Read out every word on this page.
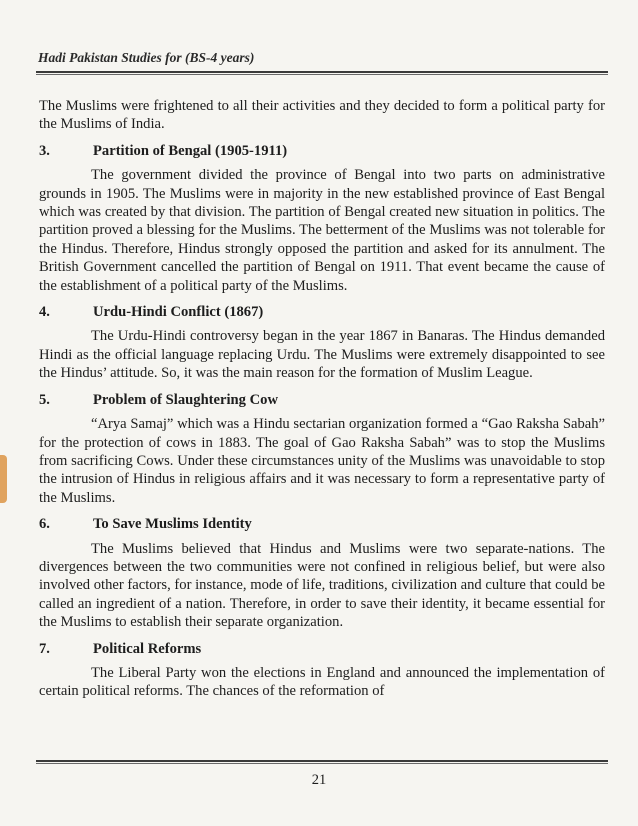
Hadi Pakistan Studies for (BS-4 years)

The Muslims were frightened to all their activities and they decided to form a political party for the Muslims of India.

3.	Partition of Bengal (1905-1911)

The government divided the province of Bengal into two parts on administrative grounds in 1905. The Muslims were in majority in the new established province of East Bengal which was created by that division. The partition of Bengal created new situation in politics. The partition proved a blessing for the Muslims. The betterment of the Muslims was not tolerable for the Hindus. Therefore, Hindus strongly opposed the partition and asked for its annulment. The British Government cancelled the partition of Bengal on 1911. That event became the cause of the establishment of a political party of the Muslims.

4.	Urdu-Hindi Conflict (1867)

The Urdu-Hindi controversy began in the year 1867 in Banaras. The Hindus demanded Hindi as the official language replacing Urdu. The Muslims were extremely disappointed to see the Hindus’ attitude. So, it was the main reason for the formation of Muslim League.

5.	Problem of Slaughtering Cow

“Arya Samaj” which was a Hindu sectarian organization formed a “Gao Raksha Sabah” for the protection of cows in 1883. The goal of Gao Raksha Sabah” was to stop the Muslims from sacrificing Cows. Under these circumstances unity of the Muslims was unavoidable to stop the intrusion of Hindus in religious affairs and it was necessary to form a representative party of the Muslims.

6.	To Save Muslims Identity

The Muslims believed that Hindus and Muslims were two separate-nations. The divergences between the two communities were not confined in religious belief, but were also involved other factors, for instance, mode of life, traditions, civilization and culture that could be called an ingredient of a nation. Therefore, in order to save their identity, it became essential for the Muslims to establish their separate organization.

7.	Political Reforms

The Liberal Party won the elections in England and announced the implementation of certain political reforms. The chances of the reformation of

21
